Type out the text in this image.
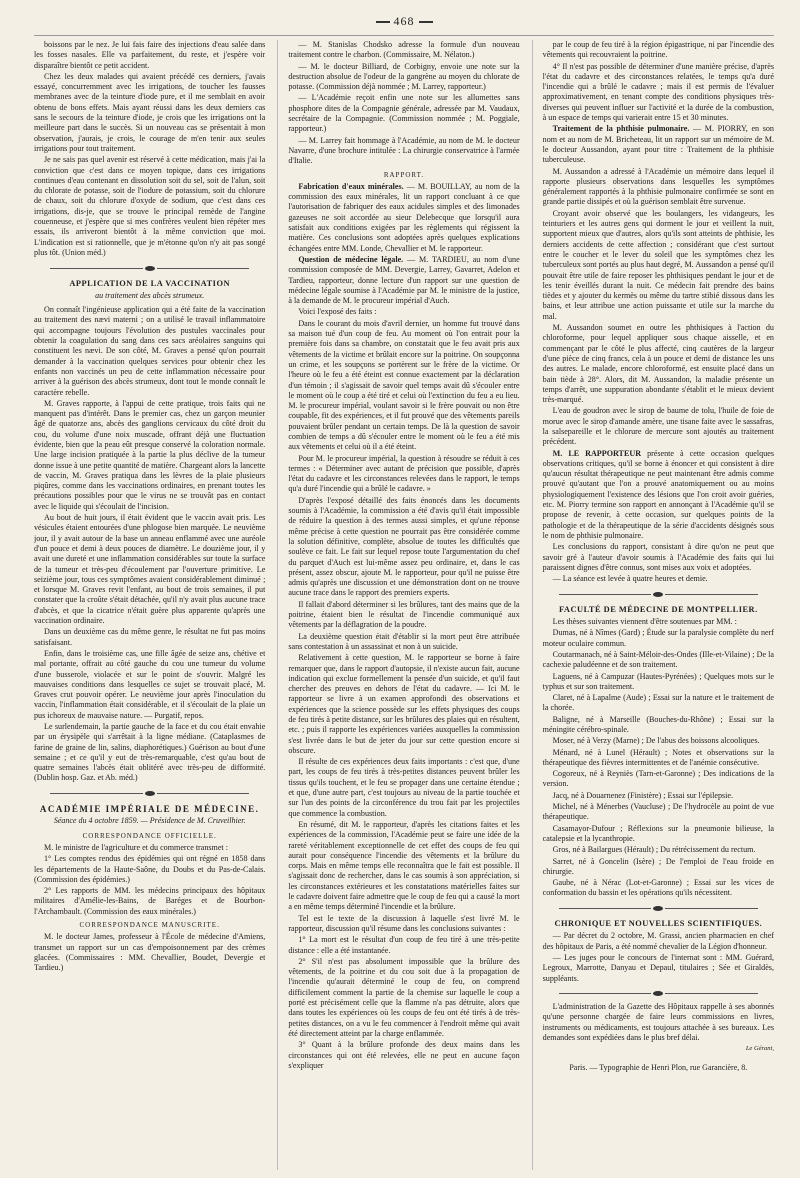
468

boissons par le nez. Je lui fais faire des injections d'eau salée dans les fosses nasales. Elle va parfaitement, du reste, et j'espère voir disparaître bientôt ce petit accident.

Chez les deux malades qui avaient précédé ces derniers, j'avais essayé, concurremment avec les irrigations, de toucher les fausses membranes avec de la teinture d'iode pure, et il me semblait en avoir obtenu de bons effets. Mais ayant réussi dans les deux derniers cas sans le secours de la teinture d'iode, je crois que les irrigations ont la meilleure part dans le succès. Si un nouveau cas se présentait à mon observation, j'aurais, je crois, le courage de m'en tenir aux seules irrigations pour tout traitement.

Je ne sais pas quel avenir est réservé à cette médication, mais j'ai la conviction que c'est dans ce moyen topique, dans ces irrigations continues d'eau contenant en dissolution soit du sel, soit de l'alun, soit du chlorate de potasse, soit de l'iodure de potassium, soit du chlorure de chaux, soit du chlorure d'oxyde de sodium, que c'est dans ces irrigations, dis-je, que se trouve le principal remède de l'angine couenneuse, et j'espère que si mes confrères veulent bien répéter mes essais, ils arriveront bientôt à la même conviction que moi. L'indication est si rationnelle, que je m'étonne qu'on n'y ait pas songé plus tôt. (Union méd.)

APPLICATION DE LA VACCINATION

au traitement des abcès strumeux.

On connaît l'ingénieuse application qui a été faite de la vaccination au traitement des nævi materni ; on a utilisé le travail inflammatoire qui accompagne toujours l'évolution des pustules vaccinales pour obtenir la coagulation du sang dans ces sacs aréolaires sanguins qui constituent les nævi. De son côté, M. Graves a pensé qu'on pourrait demander à la vaccination quelques services pour obtenir chez les enfants non vaccinés un peu de cette inflammation nécessaire pour arriver à la guérison des abcès strumeux, dont tout le monde connaît le caractère rebelle.

M. Graves rapporte, à l'appui de cette pratique, trois faits qui ne manquent pas d'intérêt. Dans le premier cas, chez un garçon meunier âgé de quatorze ans, abcès des ganglions cervicaux du côté droit du cou, du volume d'une noix muscade, offrant déjà une fluctuation évidente, bien que la peau eût presque conservé la coloration normale. Une large incision pratiquée à la partie la plus déclive de la tumeur donne issue à une petite quantité de matière. Chargeant alors la lancette de vaccin, M. Graves pratiqua dans les lèvres de la plaie plusieurs piqûres, comme dans les vaccinations ordinaires, en prenant toutes les précautions possibles pour que le virus ne se trouvât pas en contact avec le liquide qui s'écoulait de l'incision.

Au bout de huit jours, il était évident que le vaccin avait pris. Les vésicules étaient entourées d'une phlogose bien marquée. Le neuvième jour, il y avait autour de la base un anneau enflammé avec une auréole d'un pouce et demi à deux pouces de diamètre. Le douzième jour, il y avait une dureté et une inflammation considérables sur toute la surface de la tumeur et très-peu d'écoulement par l'ouverture primitive. Le seizième jour, tous ces symptômes avaient considérablement diminué ; et lorsque M. Graves revit l'enfant, au bout de trois semaines, il put constater que la croûte s'était détachée, qu'il n'y avait plus aucune trace d'abcès, et que la cicatrice n'était guère plus apparente qu'après une vaccination ordinaire.

Dans un deuxième cas du même genre, le résultat ne fut pas moins satisfaisant.

Enfin, dans le troisième cas, une fille âgée de seize ans, chétive et mal portante, offrait au côté gauche du cou une tumeur du volume d'une busserole, violacée et sur le point de s'ouvrir. Malgré les mauvaises conditions dans lesquelles ce sujet se trouvait placé, M. Graves crut pouvoir opérer. Le neuvième jour après l'inoculation du vaccin, l'inflammation était considérable, et il s'écoulait de la plaie un pus ichoreux de mauvaise nature. — Purgatif, repos.

Le surlendemain, la partie gauche de la face et du cou était envahie par un érysipèle qui s'arrêtait à la ligne médiane. (Cataplasmes de farine de graine de lin, salins, diaphorétiques.) Guérison au bout d'une semaine ; et ce qu'il y eut de très-remarquable, c'est qu'au bout de quatre semaines l'abcès était oblitéré avec très-peu de difformité. (Dublin hosp. Gaz. et Ab. méd.)

ACADÉMIE IMPÉRIALE DE MÉDECINE.

Séance du 4 octobre 1859. — Présidence de M. Cruveilhier.

CORRESPONDANCE OFFICIELLE.

M. le ministre de l'agriculture et du commerce transmet :

1° Les comptes rendus des épidémies qui ont régné en 1858 dans les départements de la Haute-Saône, du Doubs et du Pas-de-Calais. (Commission des épidémies.)

2° Les rapports de MM. les médecins principaux des hôpitaux militaires d'Amélie-les-Bains, de Baréges et de Bourbon-l'Archambault. (Commission des eaux minérales.)

CORRESPONDANCE MANUSCRITE.

M. le docteur James, professeur à l'École de médecine d'Amiens, transmet un rapport sur un cas d'empoisonnement par des crèmes glacées. (Commissaires : MM. Chevallier, Boudet, Devergie et Tardieu.)

— M. Stanislas Chodsko adresse la formule d'un nouveau traitement contre le charbon. (Commissaire, M. Nélaton.)

— M. le docteur Billiard, de Corbigny, envoie une note sur la destruction absolue de l'odeur de la gangrène au moyen du chlorate de potasse. (Commission déjà nommée ; M. Larrey, rapporteur.)

— L'Académie reçoit enfin une note sur les allumettes sans phosphore dites de la Compagnie générale, adressée par M. Vaudaux, secrétaire de la Compagnie. (Commission nommée ; M. Poggiale, rapporteur.)

— M. Larrey fait hommage à l'Académie, au nom de M. le docteur Navarre, d'une brochure intitulée : La chirurgie conservatrice à l'armée d'Italie.

RAPPORT.

Fabrication d'eaux minérales. — M. BOUILLAY, au nom de la commission des eaux minérales, lit un rapport concluant à ce que l'autorisation de fabriquer des eaux acidules simples et des limonades gazeuses ne soit accordée au sieur Delebecque que lorsqu'il aura satisfait aux conditions exigées par les règlements qui régissent la matière. Ces conclusions sont adoptées après quelques explications échangées entre MM. Londe, Chevallier et M. le rapporteur.

Question de médecine légale. — M. TARDIEU, au nom d'une commission composée de MM. Devergie, Larrey, Gavarret, Adelon et Tardieu, rapporteur, donne lecture d'un rapport sur une question de médecine légale soumise à l'Académie par M. le ministre de la justice, à la demande de M. le procureur impérial d'Auch.

Voici l'exposé des faits :

Dans le courant du mois d'avril dernier, un homme fut trouvé dans sa maison tué d'un coup de feu. Au moment où l'on entrait pour la première fois dans sa chambre, on constatait que le feu avait pris aux vêtements de la victime et brûlait encore sur la poitrine. On soupçonna un crime, et les soupçons se portèrent sur le frère de la victime. Or l'heure où le feu a été éteint est connue exactement par la déclaration d'un témoin ; il s'agissait de savoir quel temps avait dû s'écouler entre le moment où le coup a été tiré et celui où l'extinction du feu a eu lieu. M. le procureur impérial, voulant savoir si le frère pouvait ou non être coupable, fit des expériences, et il fut prouvé que des vêtements pareils pouvaient brûler pendant un certain temps. De là la question de savoir combien de temps a dû s'écouler entre le moment où le feu a été mis aux vêtements et celui où il a été éteint.

Pour M. le procureur impérial, la question à résoudre se réduit à ces termes : « Déterminer avec autant de précision que possible, d'après l'état du cadavre et les circonstances relevées dans le rapport, le temps qu'a duré l'incendie qui a brûlé le cadavre. »

D'après l'exposé détaillé des faits énoncés dans les documents soumis à l'Académie, la commission a été d'avis qu'il était impossible de réduire la question à des termes aussi simples, et qu'une réponse même précise à cette question ne pourrait pas être considérée comme la solution définitive, complète, absolue de toutes les difficultés que soulève ce fait. Le fait sur lequel repose toute l'argumentation du chef du parquet d'Auch est lui-même assez peu ordinaire, et, dans le cas présent, assez obscur, ajoute M. le rapporteur, pour qu'il ne puisse être admis qu'après une discussion et une démonstration dont on ne trouve aucune trace dans le rapport des premiers experts.

Il fallait d'abord déterminer si les brûlures, tant des mains que de la poitrine, étaient bien le résultat de l'incendie communiqué aux vêtements par la déflagration de la poudre.

La deuxième question était d'établir si la mort peut être attribuée sans contestation à un assassinat et non à un suicide.

Relativement à cette question, M. le rapporteur se borne à faire remarquer que, dans le rapport d'autopsie, il n'existe aucun fait, aucune indication qui exclue formellement la pensée d'un suicide, et qu'il faut chercher des preuves en dehors de l'état du cadavre. — Ici M. le rapporteur se livre à un examen approfondi des observations et expériences que la science possède sur les effets physiques des coups de feu tirés à petite distance, sur les brûlures des plaies qui en résultent, etc. ; puis il rapporte les expériences variées auxquelles la commission s'est livrée dans le but de jeter du jour sur cette question encore si obscure.

Il résulte de ces expériences deux faits importants : c'est que, d'une part, les coups de feu tirés à très-petites distances peuvent brûler les tissus qu'ils touchent, et le feu se propager dans une certaine étendue ; et que, d'une autre part, c'est toujours au niveau de la partie touchée et sur l'un des points de la circonférence du trou fait par les projectiles que commence la combustion.

En résumé, dit M. le rapporteur, d'après les citations faites et les expériences de la commission, l'Académie peut se faire une idée de la rareté véritablement exceptionnelle de cet effet des coups de feu qui aurait pour conséquence l'incendie des vêtements et la brûlure du corps. Mais en même temps elle reconnaîtra que le fait est possible. Il s'agissait donc de rechercher, dans le cas soumis à son appréciation, si les circonstances extérieures et les constatations matérielles faites sur le cadavre doivent faire admettre que le coup de feu qui a causé la mort a en même temps déterminé l'incendie et la brûlure.

Tel est le texte de la discussion à laquelle s'est livré M. le rapporteur, discussion qu'il résume dans les conclusions suivantes :

1° La mort est le résultat d'un coup de feu tiré à une très-petite distance : elle a été instantanée.

2° S'il n'est pas absolument impossible que la brûlure des vêtements, de la poitrine et du cou soit due à la propagation de l'incendie qu'aurait déterminé le coup de feu, on comprend difficilement comment la partie de la chemise sur laquelle le coup a porté est précisément celle que la flamme n'a pas détruite, alors que dans toutes les expériences où les coups de feu ont été tirés à de très-petites distances, on a vu le feu commencer à l'endroit même qui avait été directement atteint par la charge enflammée.

3° Quant à la brûlure profonde des deux mains dans les circonstances qui ont été relevées, elle ne peut en aucune façon s'expliquer

par le coup de feu tiré à la région épigastrique, ni par l'incendie des vêtements qui recouvraient la poitrine.

4° Il n'est pas possible de déterminer d'une manière précise, d'après l'état du cadavre et des circonstances relatées, le temps qu'a duré l'incendie qui a brûlé le cadavre ; mais il est permis de l'évaluer approximativement, en tenant compte des conditions physiques très-diverses qui peuvent influer sur l'activité et la durée de la combustion, à un espace de temps qui varierait entre 15 et 30 minutes.

Traitement de la phthisie pulmonaire. — M. PIORRY, en son nom et au nom de M. Bricheteau, lit un rapport sur un mémoire de M. le docteur Aussandon, ayant pour titre : Traitement de la phthisie tuberculeuse.

M. Aussandon a adressé à l'Académie un mémoire dans lequel il rapporte plusieurs observations dans lesquelles les symptômes généralement rapportés à la phthisie pulmonaire confirmée se sont en grande partie dissipés et où la guérison semblait être survenue.

Croyant avoir observé que les boulangers, les vidangeurs, les teinturiers et les autres gens qui dorment le jour et veillent la nuit, supportent mieux que d'autres, alors qu'ils sont atteints de phthisie, les derniers accidents de cette affection ; considérant que c'est surtout entre le coucher et le lever du soleil que les symptômes chez les tuberculeux sont portés au plus haut degré, M. Aussandon a pensé qu'il pouvait être utile de faire reposer les phthisiques pendant le jour et de les tenir éveillés durant la nuit. Ce médecin fait prendre des bains tièdes et y ajouter du kermès ou même du tartre stibié dissous dans les bains, et leur attribue une action puissante et utile sur la marche du mal.

M. Aussandon soumet en outre les phthisiques à l'action du chloroforme, pour lequel appliquer sous chaque aisselle, et en commençant par le côté le plus affecté, cinq cautères de la largeur d'une pièce de cinq francs, cela à un pouce et demi de distance les uns des autres. Le malade, encore chloroformé, est ensuite placé dans un bain tiède à 28°. Alors, dit M. Aussandon, la maladie présente un temps d'arrêt, une suppuration abondante s'établit et le mieux devient très-marqué.

L'eau de goudron avec le sirop de baume de tolu, l'huile de foie de morue avec le sirop d'amande amère, une tisane faite avec le sassafras, la salsepareille et le chlorure de mercure sont ajoutés au traitement précédent.

M. LE RAPPORTEUR présente à cette occasion quelques observations critiques, qu'il se borne à énoncer et qui consistent à dire qu'aucun résultat thérapeutique ne peut maintenant être admis comme prouvé qu'autant que l'on a prouvé anatomiquement ou au moins physiologiquement l'existence des lésions que l'on croit avoir guéries, etc. M. Piorry termine son rapport en annonçant à l'Académie qu'il se propose de revenir, à cette occasion, sur quelques points de la pathologie et de la thérapeutique de la série d'accidents désignés sous le nom de phthisie pulmonaire.

Les conclusions du rapport, consistant à dire qu'on ne peut que savoir gré à l'auteur d'avoir soumis à l'Académie des faits qui lui paraissent dignes d'être connus, sont mises aux voix et adoptées.

— La séance est levée à quatre heures et demie.

FACULTÉ DE MÉDECINE DE MONTPELLIER.

Les thèses suivantes viennent d'être soutenues par MM. :

Dumas, né à Nîmes (Gard) ; Étude sur la paralysie complète du nerf moteur oculaire commun.

Coutarmanach, né à Saint-Méloir-des-Ondes (Ille-et-Vilaine) ; De la cachexie paludéenne et de son traitement.

Laguens, né à Campuzar (Hautes-Pyrénées) ; Quelques mots sur le typhus et sur son traitement.

Claret, né à Lapalme (Aude) ; Essai sur la nature et le traitement de la chorée.

Baligne, né à Marseille (Bouches-du-Rhône) ; Essai sur la méningite cérébro-spinale.

Moser, né à Verzy (Marne) ; De l'abus des boissons alcooliques.

Ménard, né à Lunel (Hérault) ; Notes et observations sur la thérapeutique des fièvres intermittentes et de l'anémie consécutive.

Cogoreux, né à Reyniès (Tarn-et-Garonne) ; Des indications de la version.

Jacq, né à Douarnenez (Finistère) ; Essai sur l'épilepsie.

Michel, né à Ménerbes (Vaucluse) ; De l'hydrocèle au point de vue thérapeutique.

Casamayor-Dufour ; Réflexions sur la pneumonie bilieuse, la catalepsie et la lycanthropie.

Gros, né à Bailargues (Hérault) ; Du rétrécissement du rectum.

Sarret, né à Goncelin (Isère) ; De l'emploi de l'eau froide en chirurgie.

Gaube, né à Nérac (Lot-et-Garonne) ; Essai sur les vices de conformation du bassin et les opérations qu'ils nécessitent.

CHRONIQUE ET NOUVELLES SCIENTIFIQUES.

— Par décret du 2 octobre, M. Grassi, ancien pharmacien en chef des hôpitaux de Paris, a été nommé chevalier de la Légion d'honneur.

— Les juges pour le concours de l'internat sont : MM. Guérard, Legroux, Marrotte, Danyau et Depaul, titulaires ; Sée et Giraldès, suppléants.

L'administration de la Gazette des Hôpitaux rappelle à ses abonnés qu'une personne chargée de faire leurs commissions en livres, instruments ou médicaments, est toujours attachée à ses bureaux. Les demandes sont expédiées dans le plus bref délai.

Le Gérant,
Paris. — Typographie de Henri Plon, rue Garancière, 8.
